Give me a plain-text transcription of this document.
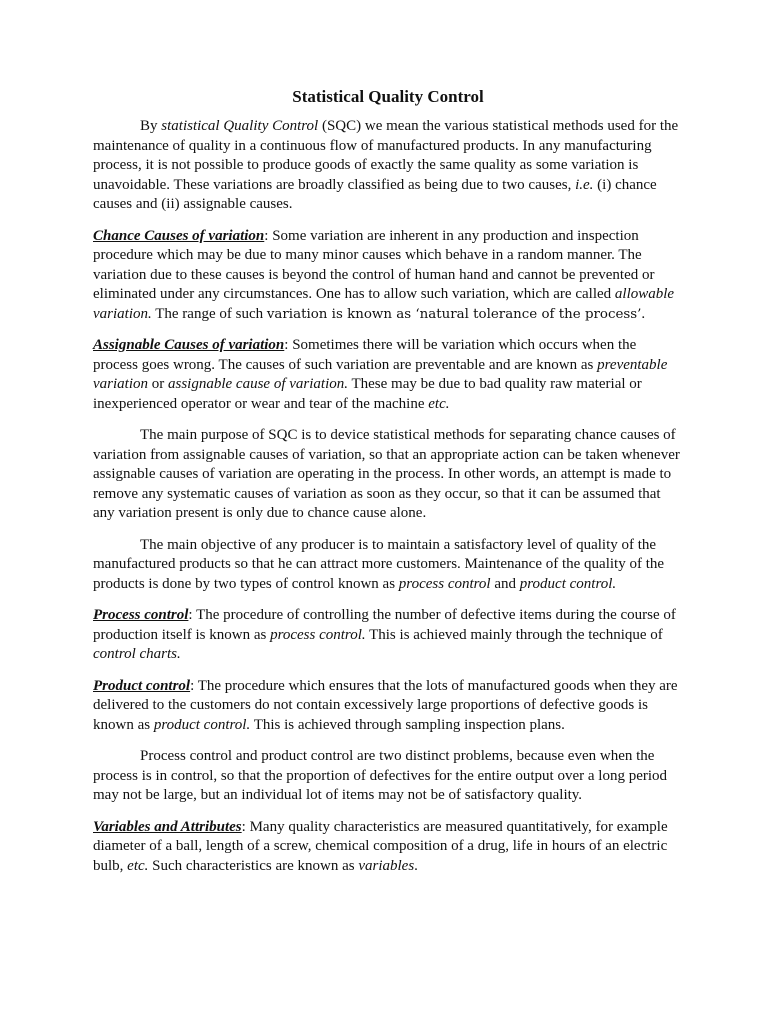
Statistical Quality Control

By statistical Quality Control (SQC) we mean the various statistical methods used for the maintenance of quality in a continuous flow of manufactured products. In any manufacturing process, it is not possible to produce goods of exactly the same quality as some variation is unavoidable. These variations are broadly classified as being due to two causes, i.e. (i) chance causes and (ii) assignable causes.

Chance Causes of variation: Some variation are inherent in any production and inspection procedure which may be due to many minor causes which behave in a random manner. The variation due to these causes is beyond the control of human hand and cannot be prevented or eliminated under any circumstances. One has to allow such variation, which are called allowable variation. The range of such variation is known as ‘natural tolerance of the process’.

Assignable Causes of variation: Sometimes there will be variation which occurs when the process goes wrong. The causes of such variation are preventable and are known as preventable variation or assignable cause of variation. These may be due to bad quality raw material or inexperienced operator or wear and tear of the machine etc.

The main purpose of SQC is to device statistical methods for separating chance causes of variation from assignable causes of variation, so that an appropriate action can be taken whenever assignable causes of variation are operating in the process. In other words, an attempt is made to remove any systematic causes of variation as soon as they occur, so that it can be assumed that any variation present is only due to chance cause alone.

The main objective of any producer is to maintain a satisfactory level of quality of the manufactured products so that he can attract more customers. Maintenance of the quality of the products is done by two types of control known as process control and product control.

Process control: The procedure of controlling the number of defective items during the course of production itself is known as process control. This is achieved mainly through the technique of control charts.

Product control: The procedure which ensures that the lots of manufactured goods when they are delivered to the customers do not contain excessively large proportions of defective goods is known as product control. This is achieved through sampling inspection plans.

Process control and product control are two distinct problems, because even when the process is in control, so that the proportion of defectives for the entire output over a long period may not be large, but an individual lot of items may not be of satisfactory quality.

Variables and Attributes: Many quality characteristics are measured quantitatively, for example diameter of a ball, length of a screw, chemical composition of a drug, life in hours of an electric bulb, etc. Such characteristics are known as variables.
